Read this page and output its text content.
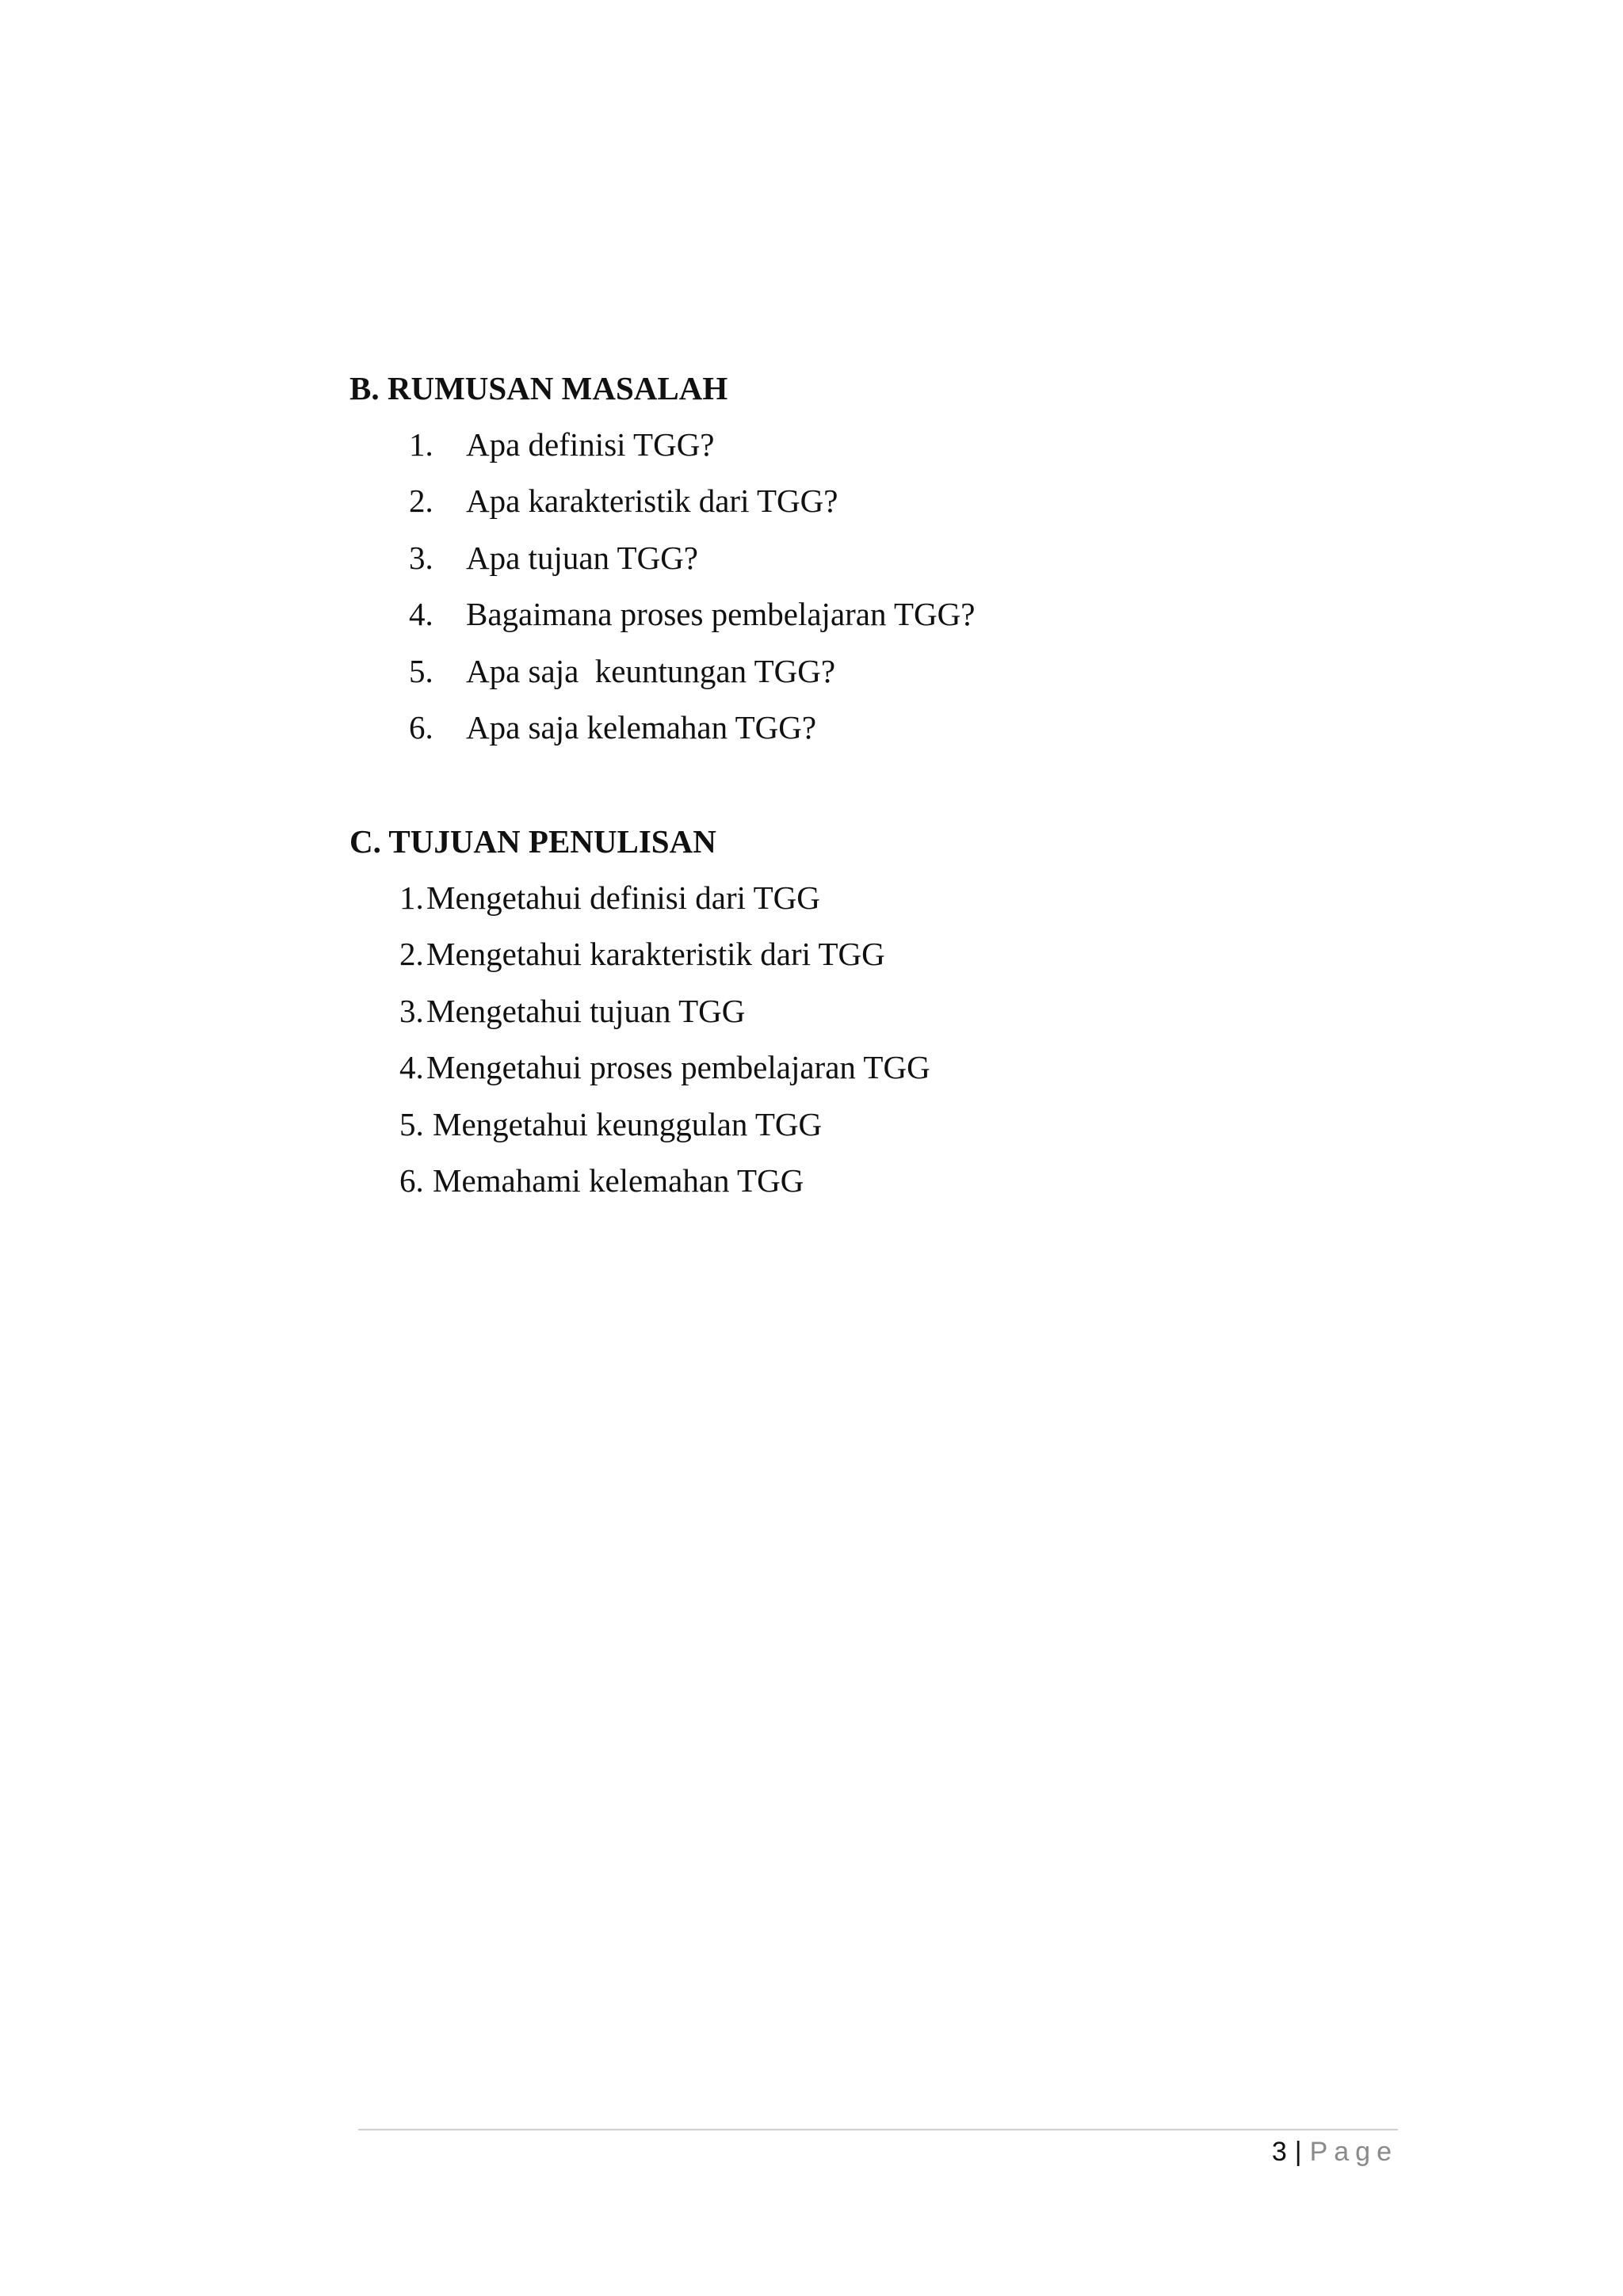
B. RUMUSAN MASALAH
1. Apa definisi TGG?
2. Apa karakteristik dari TGG?
3. Apa tujuan TGG?
4. Bagaimana proses pembelajaran TGG?
5. Apa saja  keuntungan TGG?
6. Apa saja kelemahan TGG?
C. TUJUAN PENULISAN
1. Mengetahui definisi dari TGG
2. Mengetahui karakteristik dari TGG
3. Mengetahui tujuan TGG
4. Mengetahui proses pembelajaran TGG
5. Mengetahui keunggulan TGG
6. Memahami kelemahan TGG
3 | Page
